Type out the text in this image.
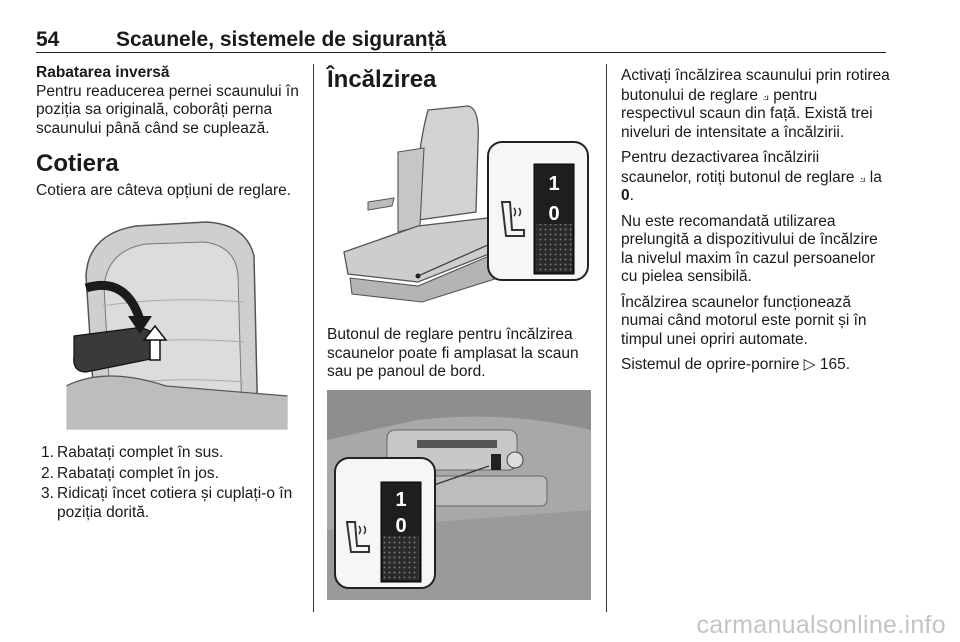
54	Scaunele, sistemele de siguranță
Rabatarea inversă

Pentru readucerea pernei scaunului în poziția sa originală, coborâți perna scaunului până când se cuplează.

Cotiera

Cotiera are câteva opțiuni de reglare.

1. Rabatați complet în sus.
2. Rabatați complet în jos.
3. Ridicați încet cotiera și cuplați-o în poziția dorită.
Încălzirea
1
0

Butonul de reglare pentru încălzirea scaunelor poate fi amplasat la scaun sau pe panoul de bord.

1
0

Activați încălzirea scaunului prin rotirea butonului de reglare ⟓ pentru respectivul scaun din față. Există trei niveluri de intensitate a încălzirii.

Pentru dezactivarea încălzirii scaunelor, rotiți butonul de reglare ⟓ la 0.

Nu este recomandată utilizarea prelungită a dispozitivului de încălzire la nivelul maxim în cazul persoanelor cu pielea sensibilă.

Încălzirea scaunelor funcționează numai când motorul este pornit și în timpul unei opriri automate.

Sistemul de oprire-pornire ▷ 165.

carmanualsonline.info
